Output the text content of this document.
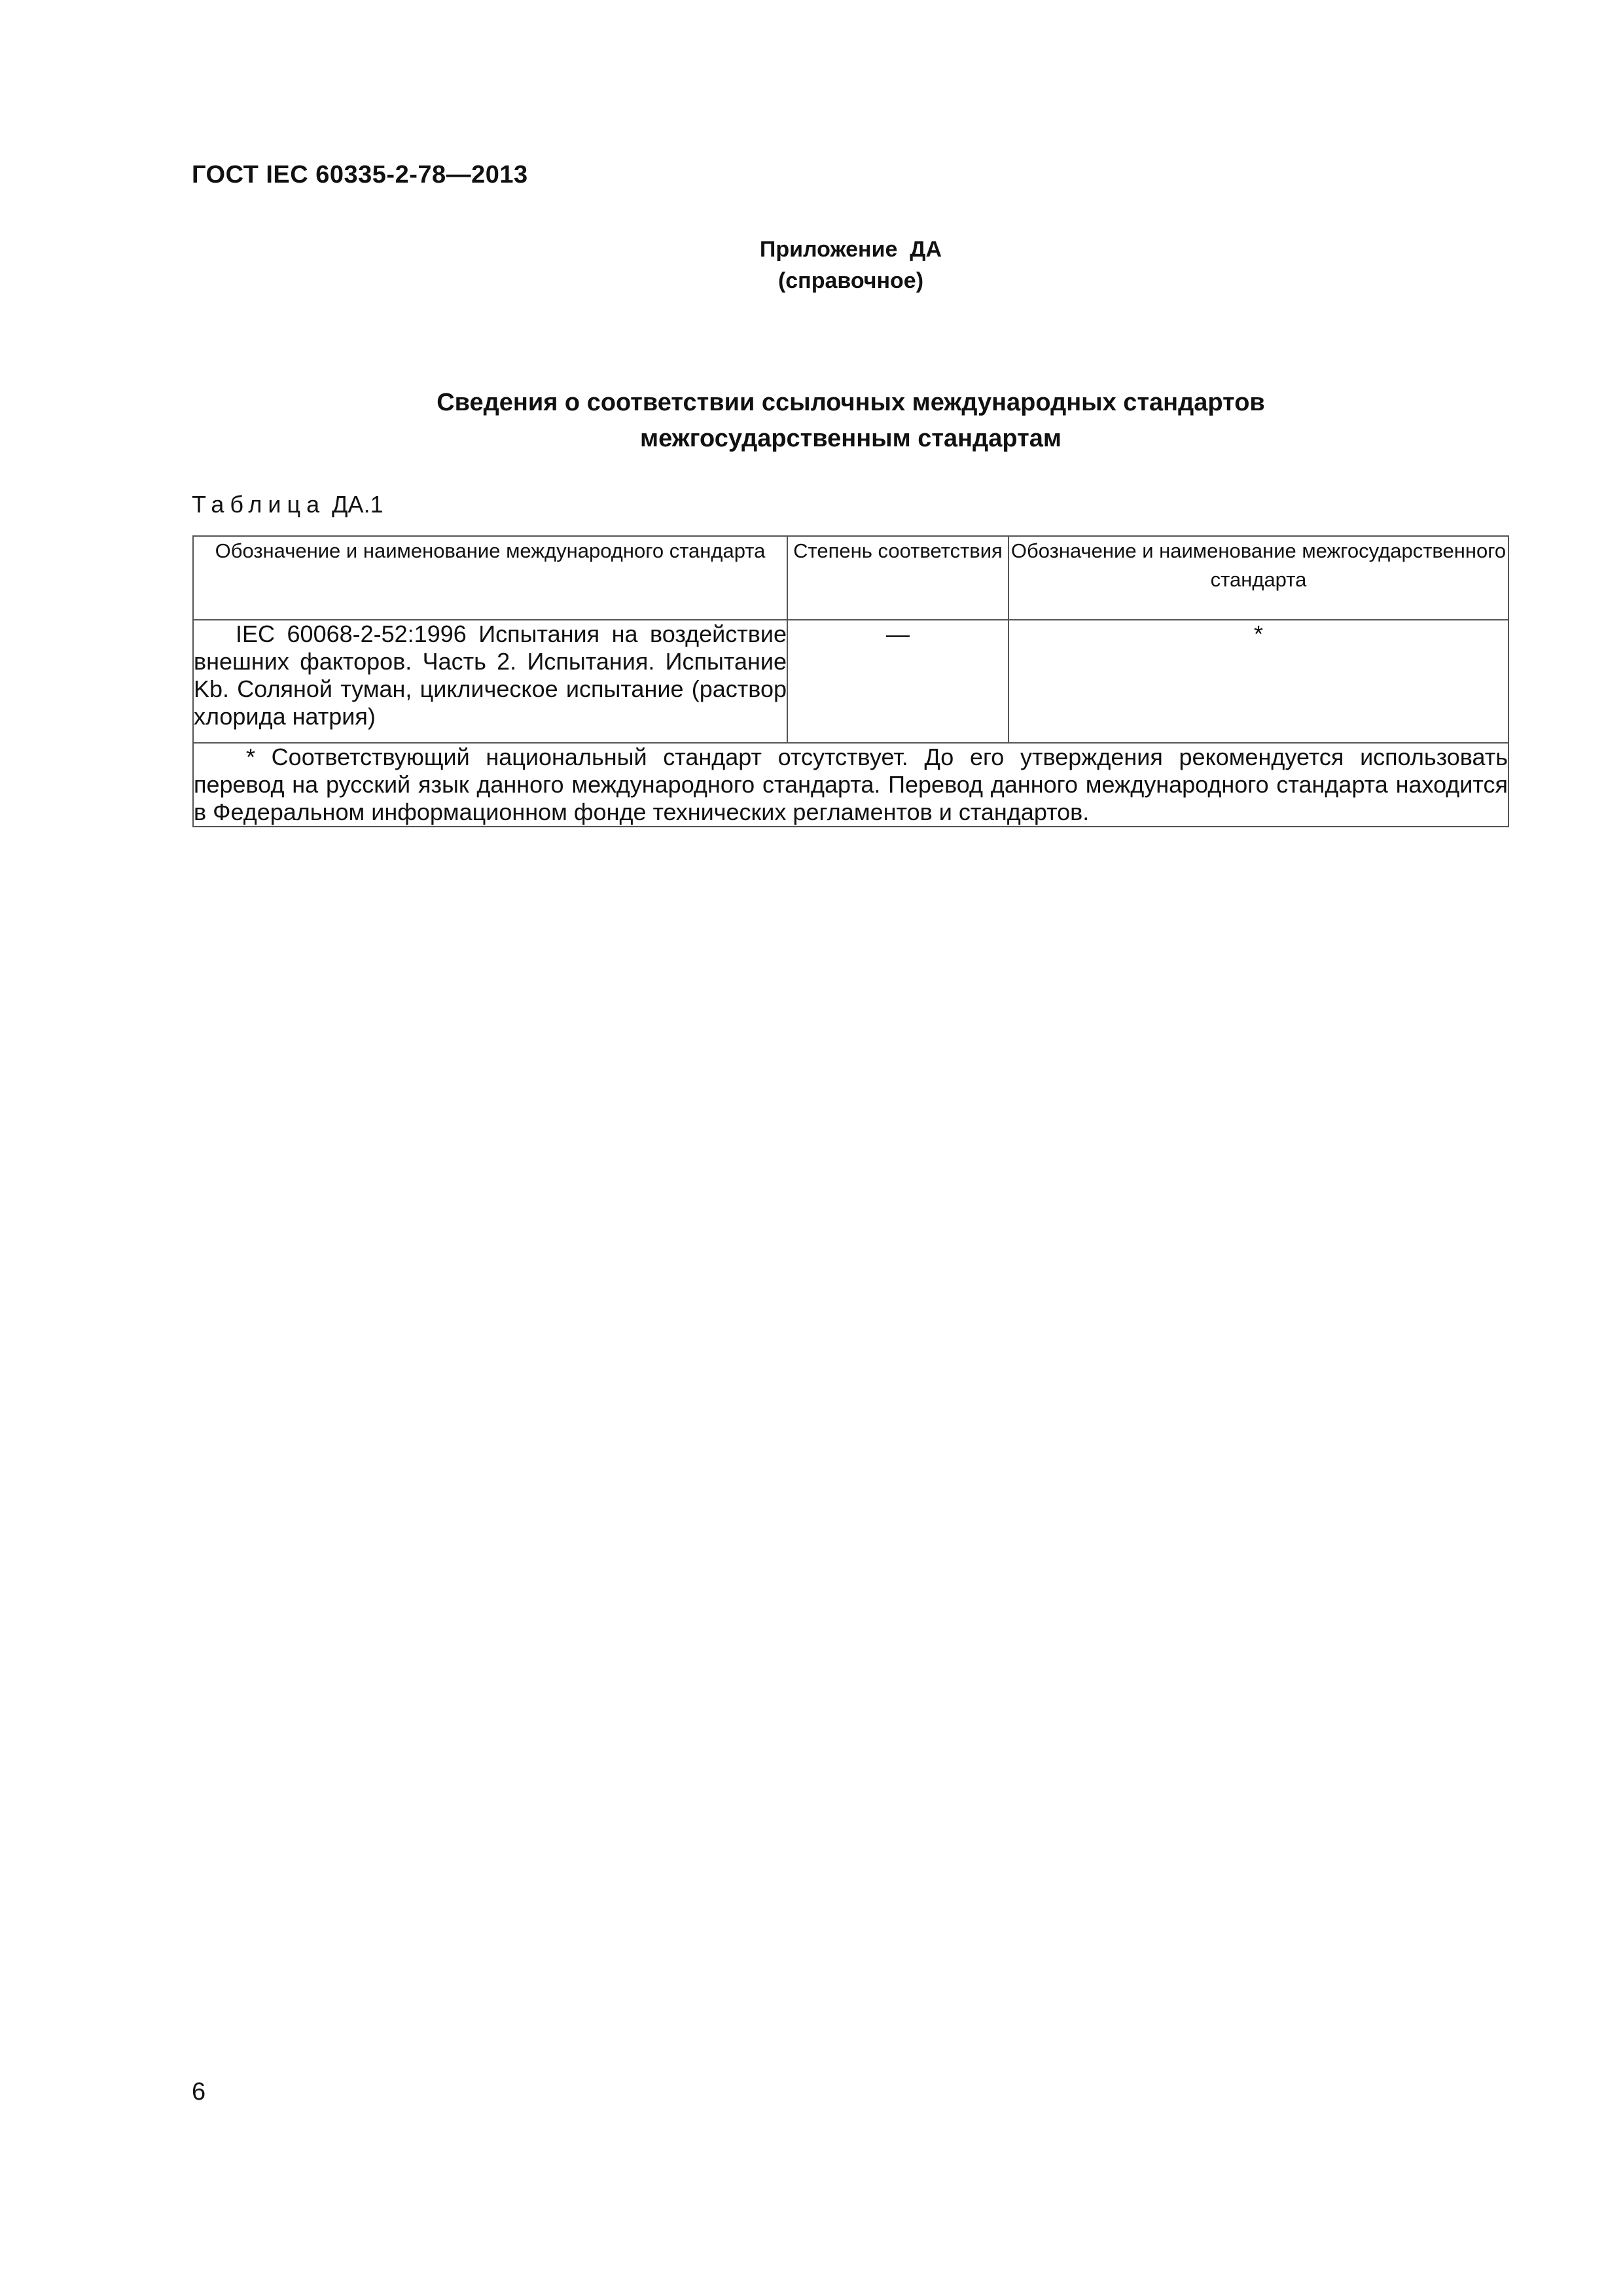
ГОСТ IEC 60335-2-78—2013
Приложение  ДА
(справочное)
Сведения о соответствии ссылочных международных стандартов
межгосударственным стандартам
Таблица ДА.1
Обозначение и наименование международного стандарта	Степень соответствия	Обозначение и наименование межгосударственного стандарта
IEC 60068-2-52:1996 Испытания на воздействие внешних факторов. Часть 2. Испытания. Испытание Kb. Соляной туман, циклическое испытание (раствор хлорида натрия)	—	*
* Соответствующий национальный стандарт отсутствует. До его утверждения рекомендуется использовать перевод на русский язык данного международного стандарта. Перевод данного международного стандарта находится в Федеральном информационном фонде технических регламентов и стандартов.		
6
